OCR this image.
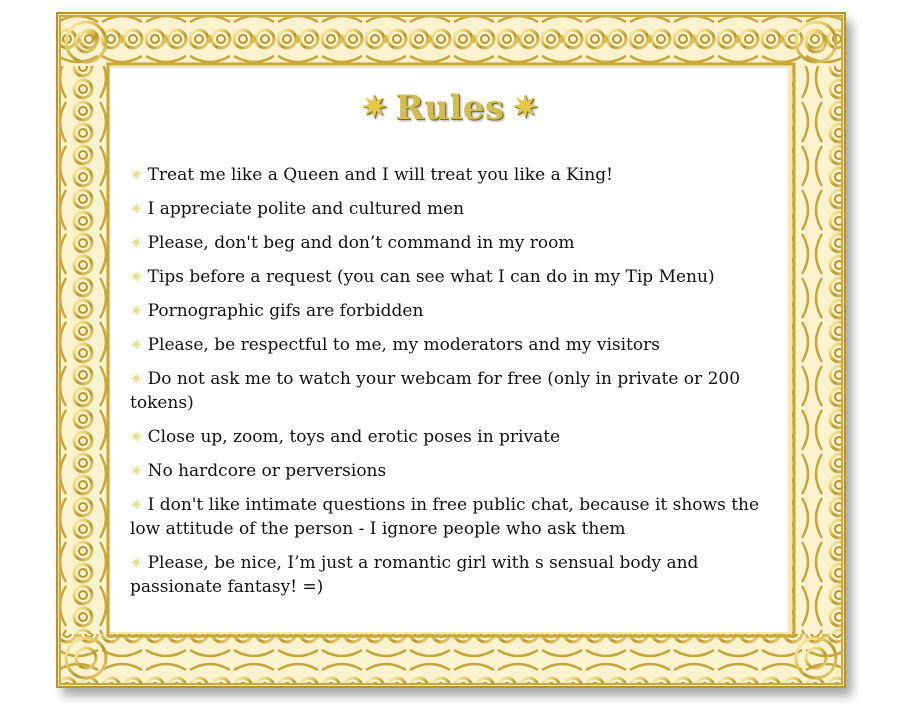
✷ Rules ✷
✷ Treat me like a Queen and I will treat you like a King!
✷ I appreciate polite and cultured men
✷ Please, don't beg and don’t command in my room
✷ Tips before a request (you can see what I can do in my Tip Menu)
✷ Pornographic gifs are forbidden
✷ Please, be respectful to me, my moderators and my visitors
✷ Do not ask me to watch your webcam for free (only in private or 200 tokens)
✷ Close up, zoom, toys and erotic poses in private
✷ No hardcore or perversions
✷ I don't like intimate questions in free public chat, because it shows the low attitude of the person - I ignore people who ask them
✷ Please, be nice, I’m just a romantic girl with s sensual body and passionate fantasy! =)
